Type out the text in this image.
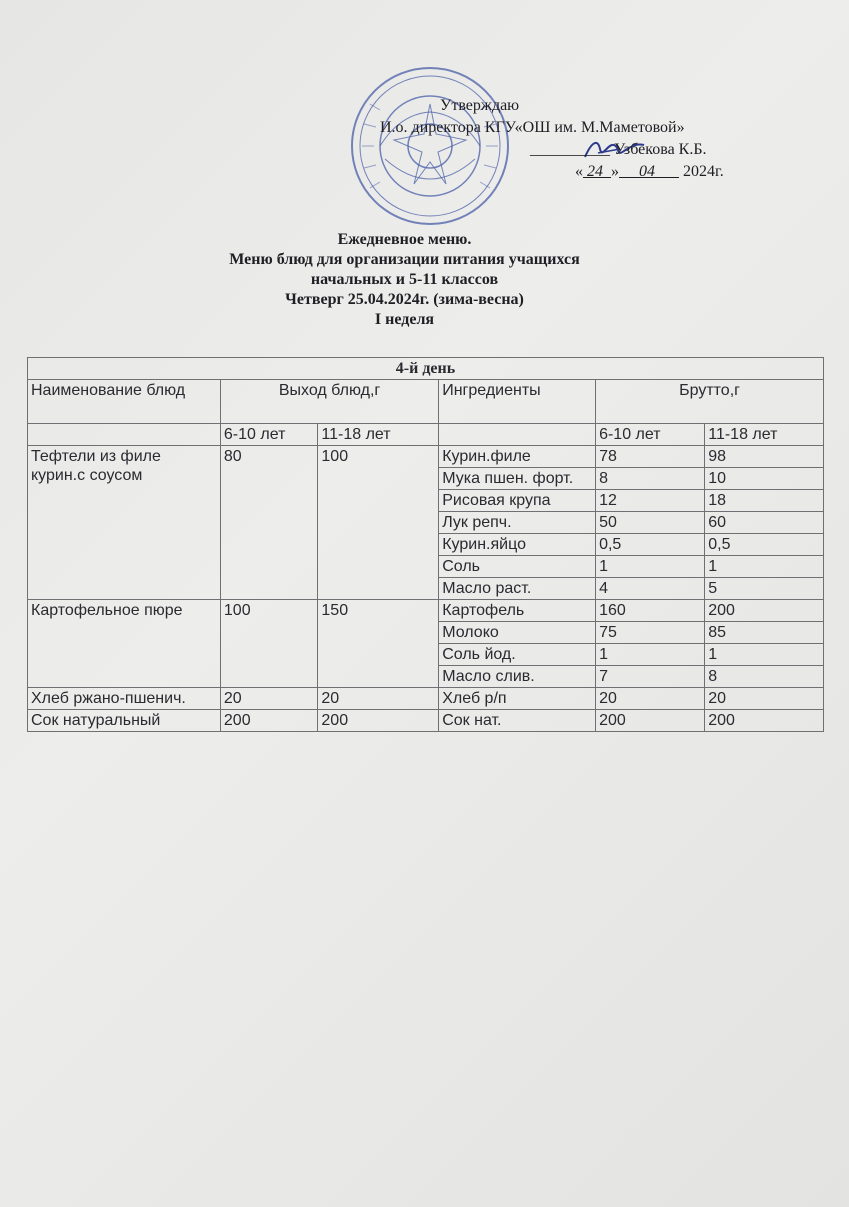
Утверждаю
И.о. директора КГУ«ОШ им. М.Маметовой»
__________ Узбекова К.Б.
« 24 » 04 2024г.
Ежедневное меню.
Меню блюд для организации питания учащихся
начальных и 5-11 классов
Четверг 25.04.2024г. (зима-весна)
I неделя
4-й день					
Наименование блюд	Выход блюд,г		Ингредиенты	Брутто,г	
	6-10 лет	11-18 лет		6-10 лет	11-18 лет
Тефтели из филе курин.с соусом	80	100	Курин.филе	78	98
			Мука пшен. форт.	8	10
			Рисовая крупа	12	18
			Лук репч.	50	60
			Курин.яйцо	0,5	0,5
			Соль	1	1
			Масло раст.	4	5
Картофельное пюре	100	150	Картофель	160	200
			Молоко	75	85
			Соль йод.	1	1
			Масло слив.	7	8
Хлеб ржано-пшенич.	20	20	Хлеб р/п	20	20
Сок натуральный	200	200	Сок нат.	200	200
